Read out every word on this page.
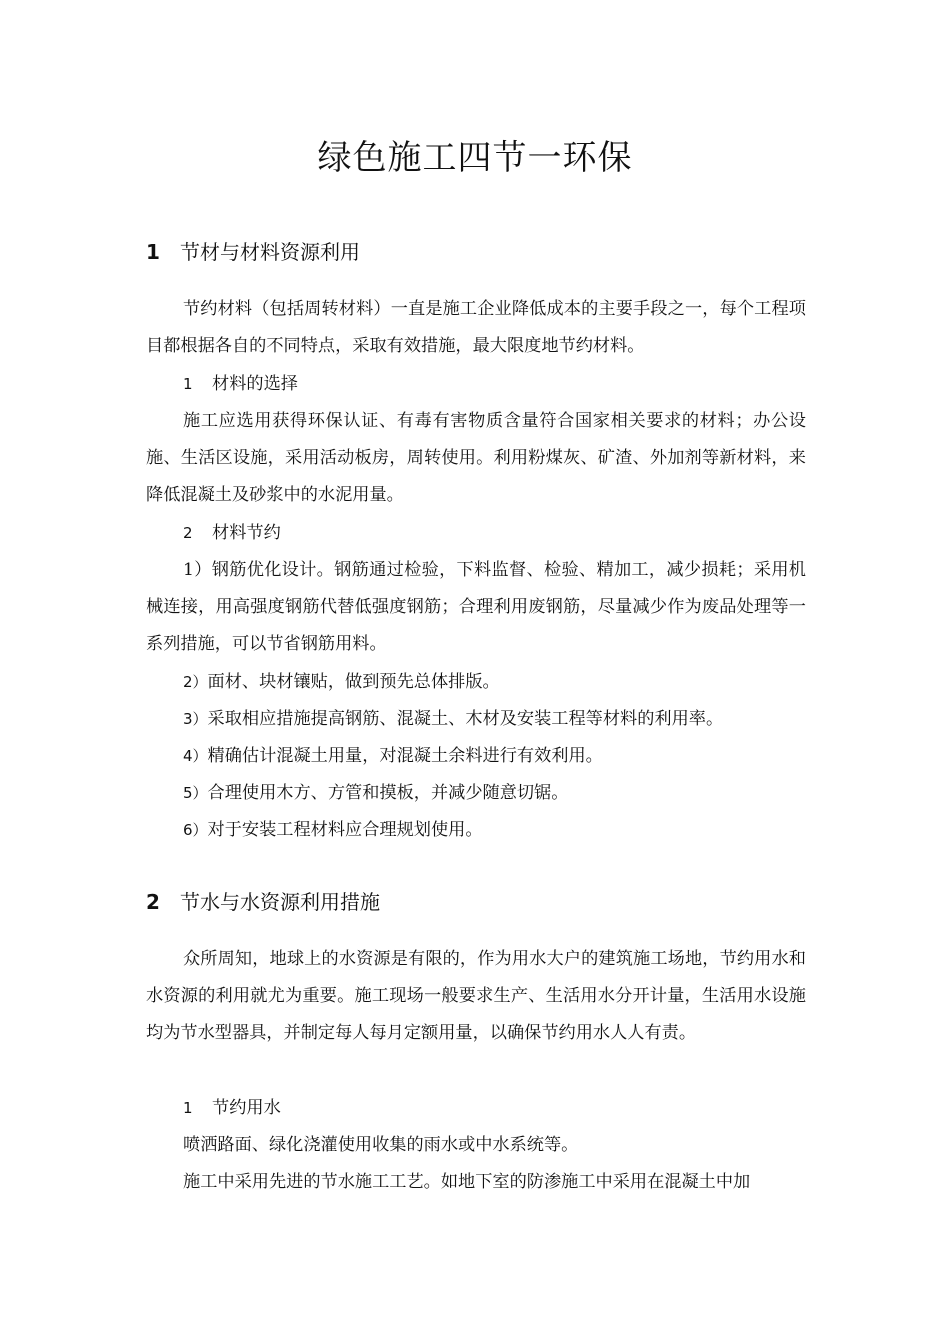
绿色施工四节一环保
1 节材与材料资源利用

节约材料（包括周转材料）一直是施工企业降低成本的主要手段之一，每个工程项目都根据各自的不同特点，采取有效措施，最大限度地节约材料。

1 材料的选择

施工应选用获得环保认证、有毒有害物质含量符合国家相关要求的材料；办公设施、生活区设施，采用活动板房，周转使用。利用粉煤灰、矿渣、外加剂等新材料，来降低混凝土及砂浆中的水泥用量。

2 材料节约

1）钢筋优化设计。钢筋通过检验，下料监督、检验、精加工，减少损耗；采用机械连接，用高强度钢筋代替低强度钢筋；合理利用废钢筋，尽量减少作为废品处理等一系列措施，可以节省钢筋用料。

2）面材、块材镶贴，做到预先总体排版。

3）采取相应措施提高钢筋、混凝土、木材及安装工程等材料的利用率。

4）精确估计混凝土用量，对混凝土余料进行有效利用。

5）合理使用木方、方管和摸板，并减少随意切锯。

6）对于安装工程材料应合理规划使用。

2 节水与水资源利用措施

众所周知，地球上的水资源是有限的，作为用水大户的建筑施工场地，节约用水和水资源的利用就尤为重要。施工现场一般要求生产、生活用水分开计量，生活用水设施均为节水型器具，并制定每人每月定额用量，以确保节约用水人人有责。

1 节约用水

喷洒路面、绿化浇灌使用收集的雨水或中水系统等。

施工中采用先进的节水施工工艺。如地下室的防渗施工中采用在混凝土中加
